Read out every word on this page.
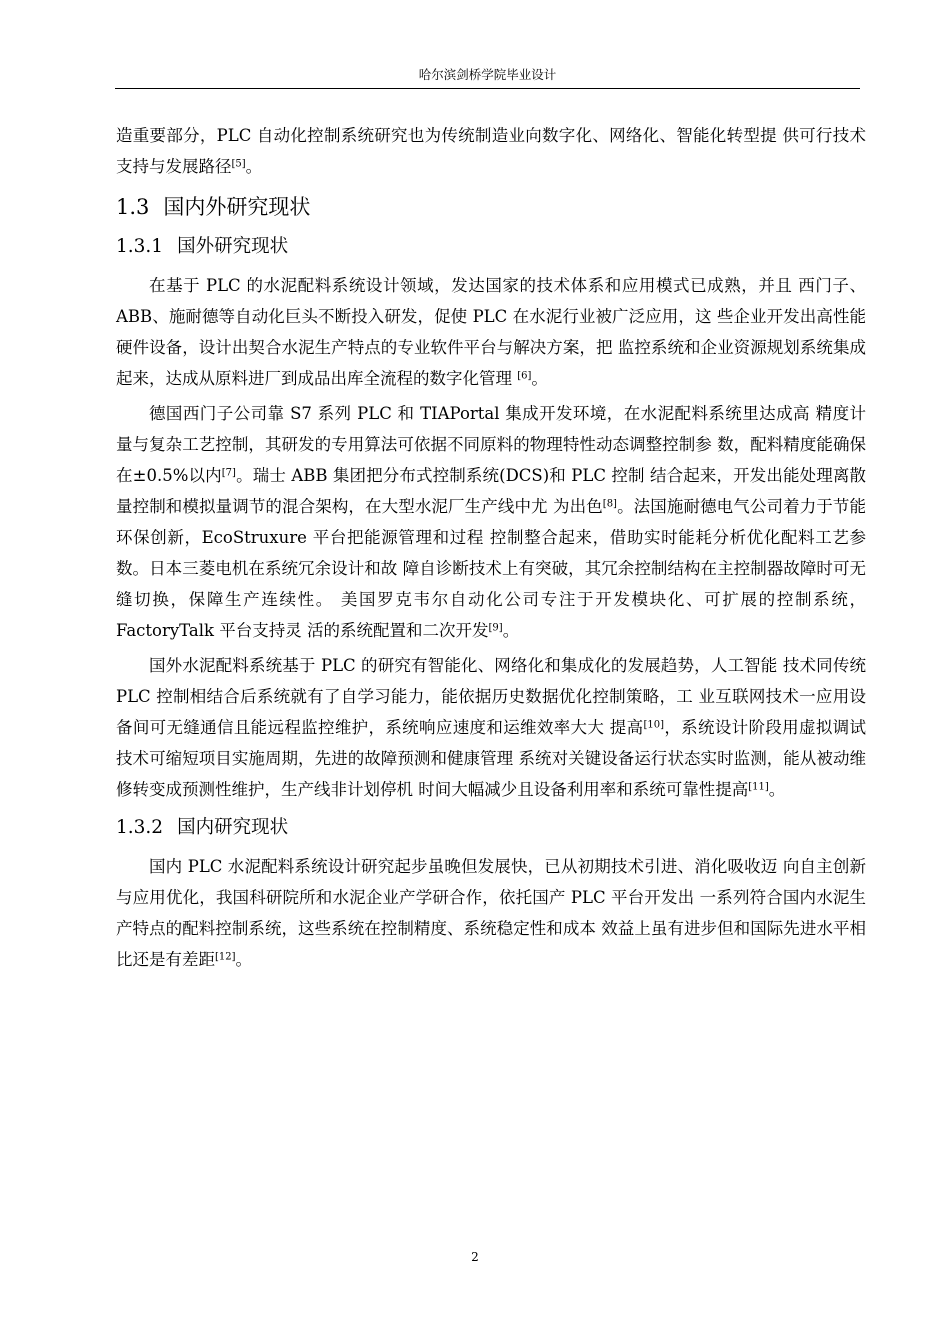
哈尔滨剑桥学院毕业设计

造重要部分，PLC 自动化控制系统研究也为传统制造业向数字化、网络化、智能化转型提 供可行技术支持与发展路径[5]。

1.3 国内外研究现状
1.3.1 国外研究现状

在基于 PLC 的水泥配料系统设计领域，发达国家的技术体系和应用模式已成熟，并且 西门子、ABB、施耐德等自动化巨头不断投入研发，促使 PLC 在水泥行业被广泛应用，这 些企业开发出高性能硬件设备，设计出契合水泥生产特点的专业软件平台与解决方案，把 监控系统和企业资源规划系统集成起来，达成从原料进厂到成品出库全流程的数字化管理 [6]。

德国西门子公司靠 S7 系列 PLC 和 TIAPortal 集成开发环境，在水泥配料系统里达成高 精度计量与复杂工艺控制，其研发的专用算法可依据不同原料的物理特性动态调整控制参 数，配料精度能确保在±0.5%以内[7]。瑞士 ABB 集团把分布式控制系统(DCS)和 PLC 控制 结合起来，开发出能处理离散量控制和模拟量调节的混合架构，在大型水泥厂生产线中尤 为出色[8]。法国施耐德电气公司着力于节能环保创新，EcoStruxure 平台把能源管理和过程 控制整合起来，借助实时能耗分析优化配料工艺参数。日本三菱电机在系统冗余设计和故 障自诊断技术上有突破，其冗余控制结构在主控制器故障时可无缝切换，保障生产连续性。 美国罗克韦尔自动化公司专注于开发模块化、可扩展的控制系统，FactoryTalk 平台支持灵 活的系统配置和二次开发[9]。

国外水泥配料系统基于 PLC 的研究有智能化、网络化和集成化的发展趋势，人工智能 技术同传统 PLC 控制相结合后系统就有了自学习能力，能依据历史数据优化控制策略，工 业互联网技术一应用设备间可无缝通信且能远程监控维护，系统响应速度和运维效率大大 提高[10]，系统设计阶段用虚拟调试技术可缩短项目实施周期，先进的故障预测和健康管理 系统对关键设备运行状态实时监测，能从被动维修转变成预测性维护，生产线非计划停机 时间大幅减少且设备利用率和系统可靠性提高[11]。

1.3.2 国内研究现状

国内 PLC 水泥配料系统设计研究起步虽晚但发展快，已从初期技术引进、消化吸收迈 向自主创新与应用优化，我国科研院所和水泥企业产学研合作，依托国产 PLC 平台开发出 一系列符合国内水泥生产特点的配料控制系统，这些系统在控制精度、系统稳定性和成本 效益上虽有进步但和国际先进水平相比还是有差距[12]。

2
